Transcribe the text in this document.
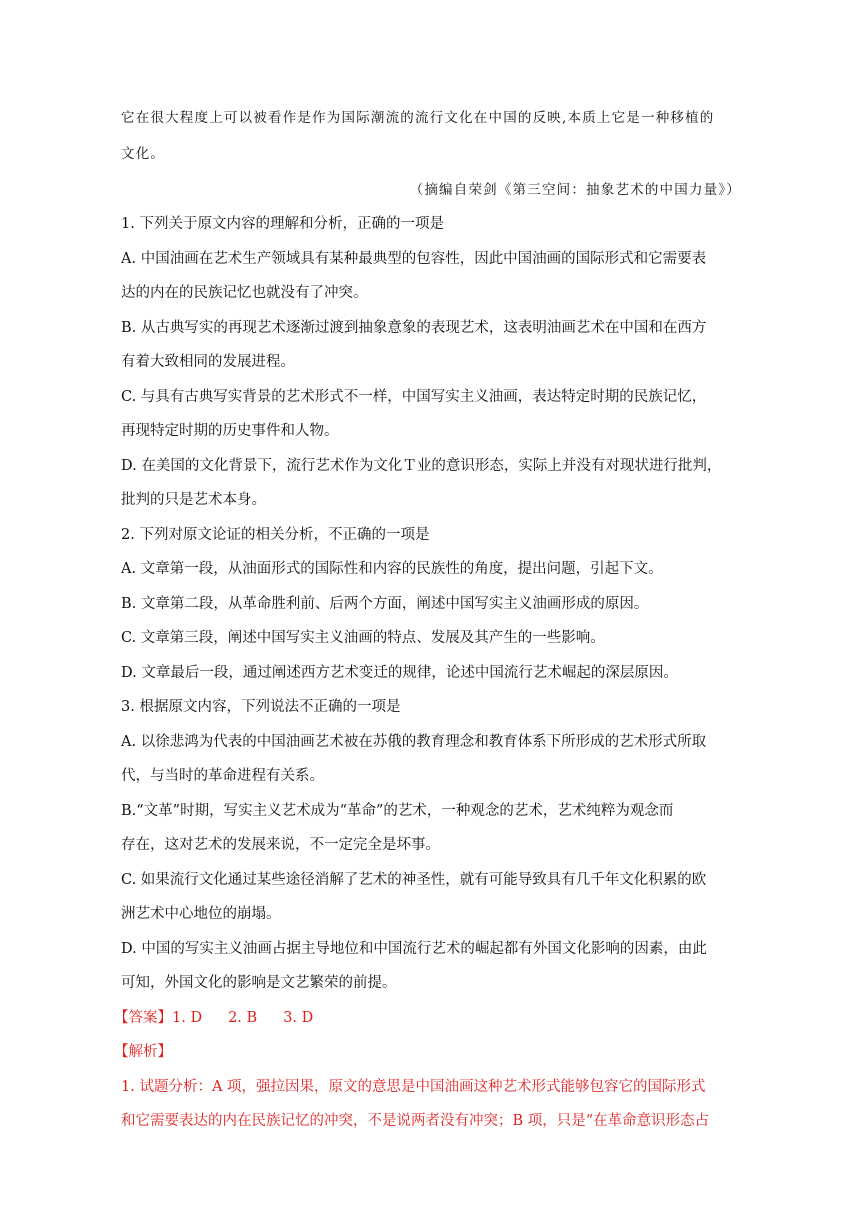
它在很大程度上可以被看作是作为国际潮流的流行文化在中国的反映,本质上它是一种移植的
文化。
（摘编自荣剑《第三空间：抽象艺术的中国力量》）
1. 下列关于原文内容的理解和分析，正确的一项是
A. 中国油画在艺术生产领域具有某种最典型的包容性，因此中国油画的国际形式和它需要表
达的内在的民族记忆也就没有了冲突。
B. 从古典写实的再现艺术逐渐过渡到抽象意象的表现艺术，这表明油画艺术在中国和在西方
有着大致相同的发展进程。
C. 与具有古典写实背景的艺术形式不一样，中国写实主义油画，表达特定时期的民族记忆，
再现特定时期的历史事件和人物。
D. 在美国的文化背景下，流行艺术作为文化Ｔ业的意识形态，实际上并没有对现状进行批判，
批判的只是艺术本身。
2. 下列对原文论证的相关分析，不正确的一项是
A. 文章第一段，从油面形式的国际性和内容的民族性的角度，提出问题，引起下文。
B. 文章第二段，从革命胜利前、后两个方面，阐述中国写实主义油画形成的原因。
C. 文章第三段，阐述中国写实主义油画的特点、发展及其产生的一些影响。
D. 文章最后一段，通过阐述西方艺术变迁的规律，论述中国流行艺术崛起的深层原因。
3. 根据原文内容，下列说法不正确的一项是
A. 以徐悲鸿为代表的中国油画艺术被在苏俄的教育理念和教育体系下所形成的艺术形式所取
代，与当时的革命进程有关系。
B.“文革”时期，写实主义艺术成为“革命”的艺术，一种观念的艺术，艺术纯粹为观念而
存在，这对艺术的发展来说，不一定完全是坏事。
C. 如果流行文化通过某些途径消解了艺术的神圣性，就有可能导致具有几千年文化积累的欧
洲艺术中心地位的崩塌。
D. 中国的写实主义油画占据主导地位和中国流行艺术的崛起都有外国文化影响的因素，由此
可知，外国文化的影响是文艺繁荣的前提。
【答案】1. D 2. B 3. D
【解析】
1. 试题分析：A 项，强拉因果，原文的意思是中国油画这种艺术形式能够包容它的国际形式
和它需要表达的内在民族记忆的冲突，不是说两者没有冲突；B 项，只是“在革命意识形态占
